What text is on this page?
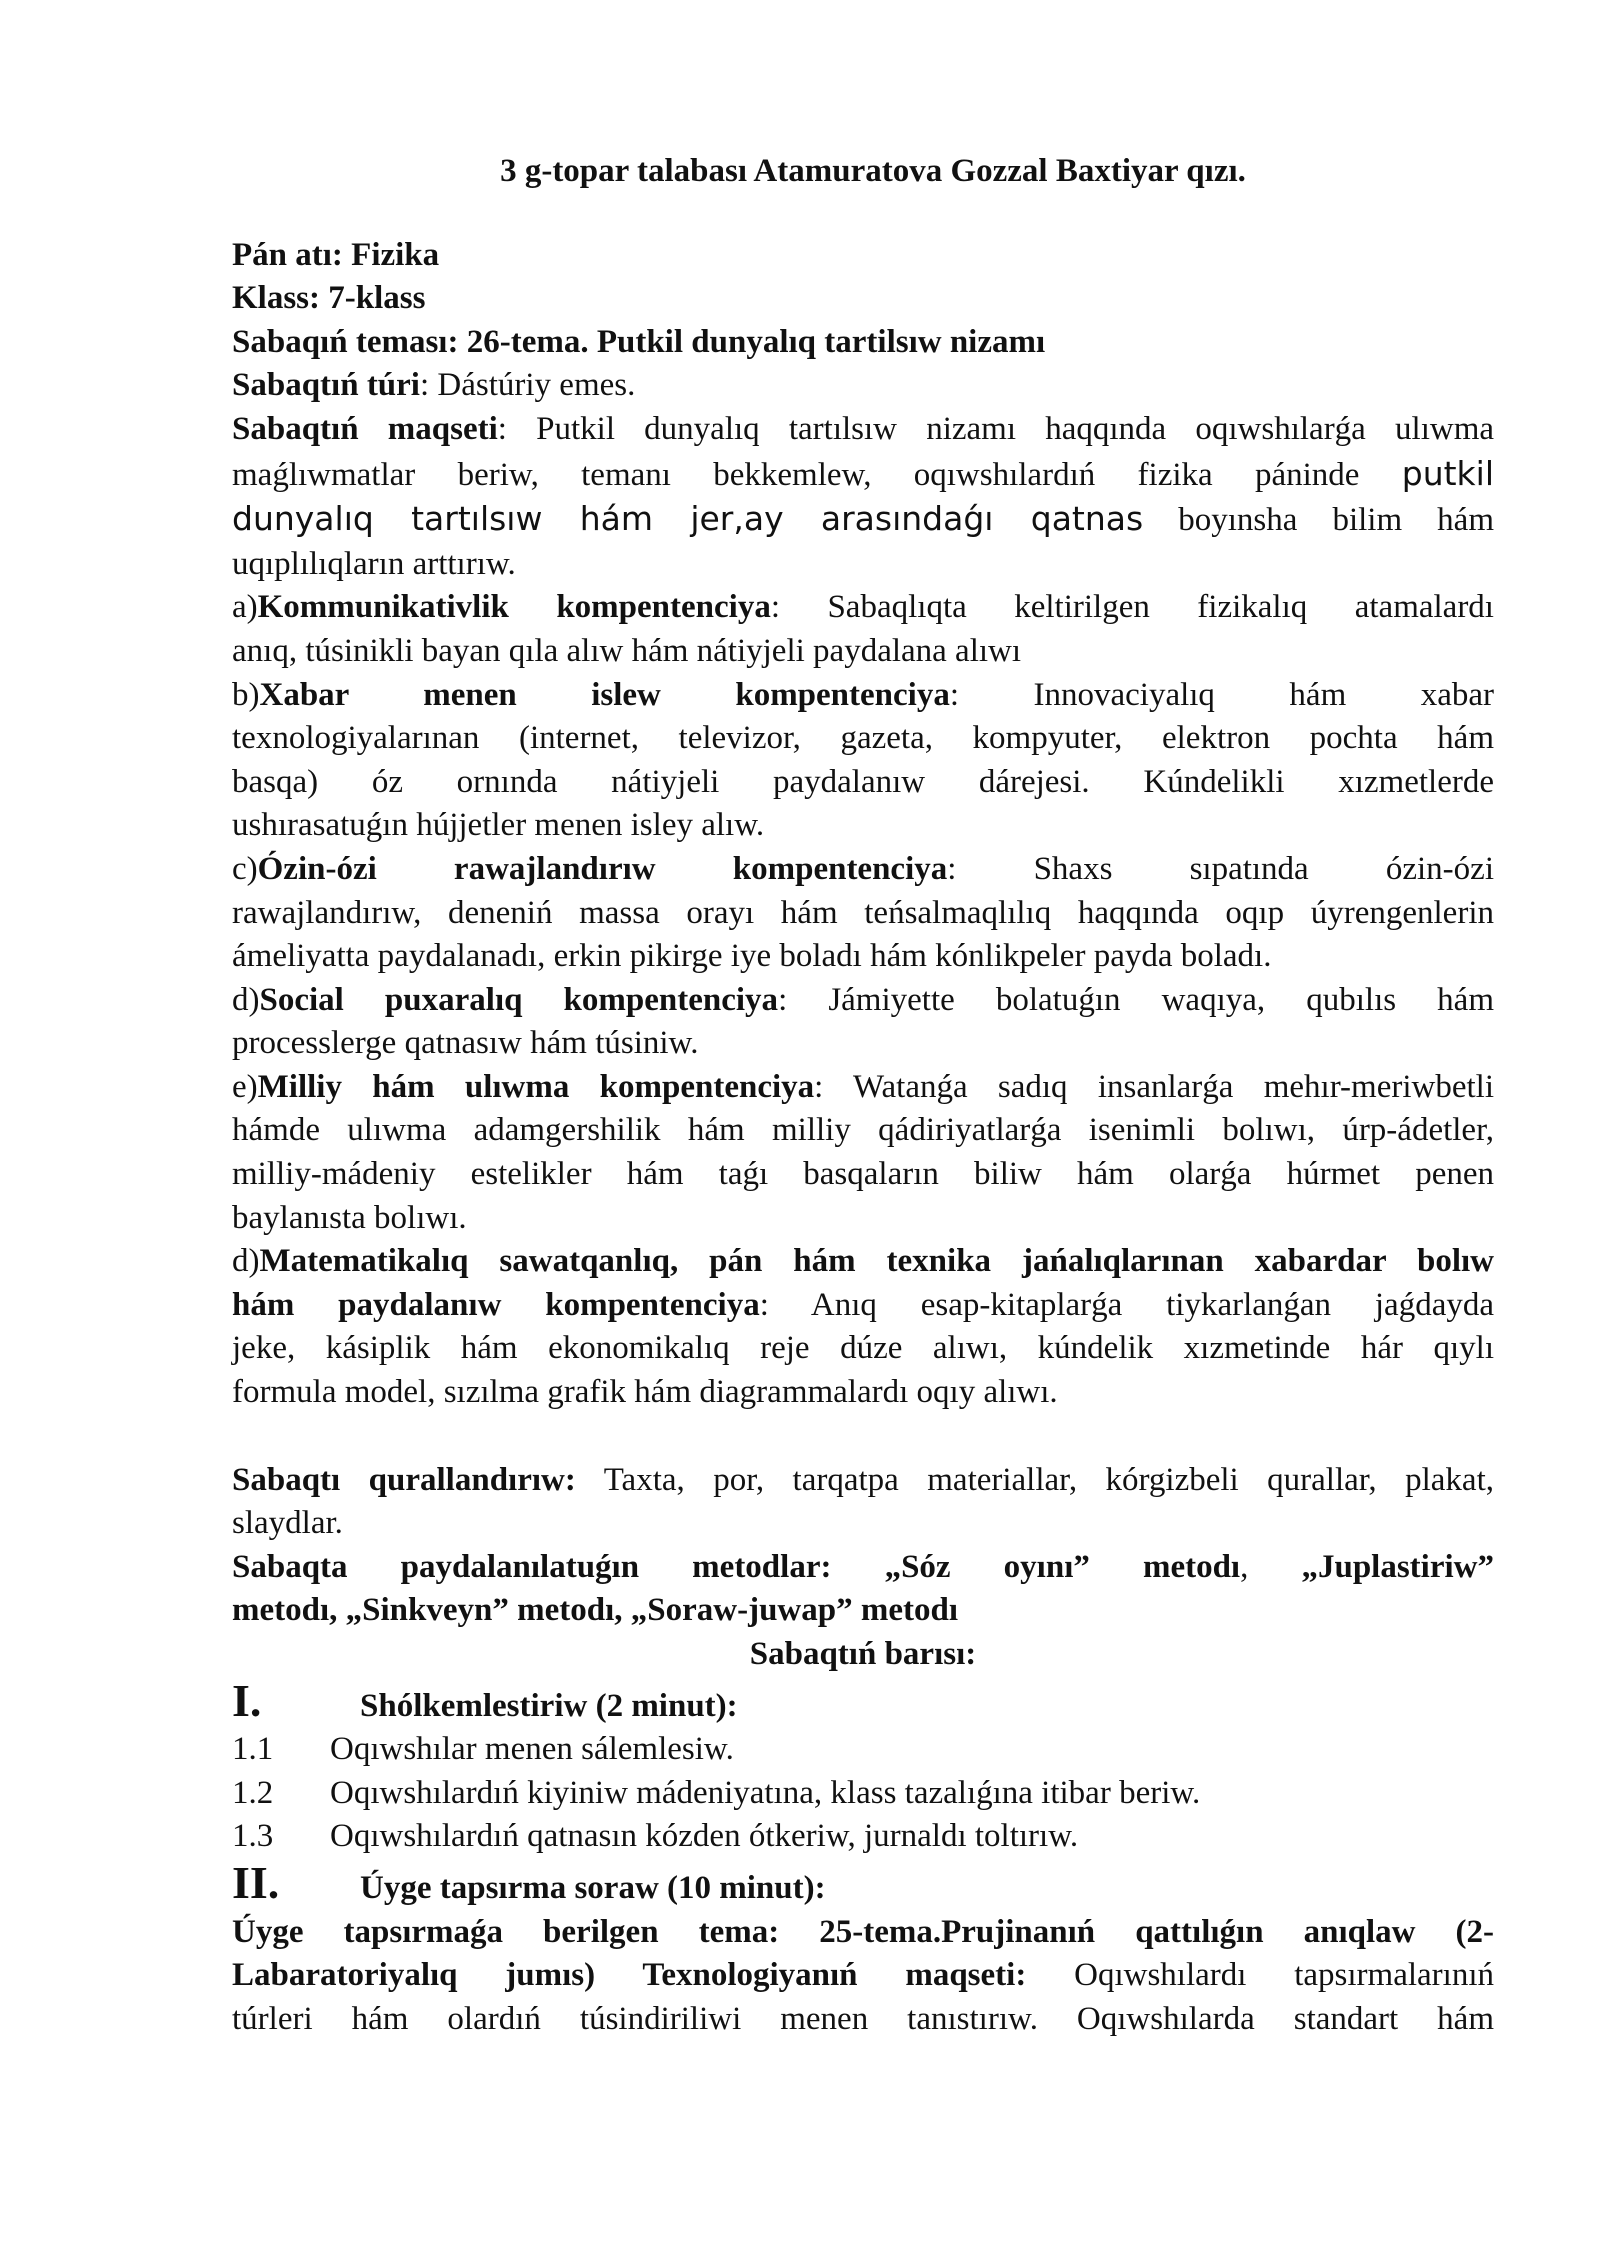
3 g-topar talabası Atamuratova Gozzal Baxtiyar qızı.
Pán atı: Fizika
Klass: 7-klass
Sabaqıń teması: 26-tema. Putkil dunyalıq tartilsıw nizamı
Sabaqtıń túri: Dástúriy emes.
Sabaqtıń maqseti: Putkil dunyalıq tartılsıw nizamı haqqında oqıwshılarǵa ulıwma
maǵlıwmatlar beriw, temanı bekkemlew, oqıwshılardıń fizika páninde putkil
dunyalıq tartılsıw hám jer,ay arasındaǵı qatnas boyınsha bilim hám
uqıplılıqların arttırıw.
a)Kommunikativlik kompentenciya: Sabaqlıqta keltirilgen fizikalıq atamalardı
anıq, túsinikli bayan qıla alıw hám nátiyjeli paydalana alıwı
b)Xabar menen islew kompentenciya: Innovaciyalıq hám xabar
texnologiyalarınan (internet, televizor, gazeta, kompyuter, elektron pochta hám
basqa) óz ornında nátiyjeli paydalanıw dárejesi. Kúndelikli xızmetlerde
ushırasatuǵın hújjetler menen isley alıw.
c)Ózin-ózi rawajlandırıw kompentenciya: Shaxs sıpatında ózin-ózi
rawajlandırıw, deneniń massa orayı hám teńsalmaqlılıq haqqında oqıp úyrengenlerin
ámeliyatta paydalanadı, erkin pikirge iye boladı hám kónlikpeler payda boladı.
d)Social puxaralıq kompentenciya: Jámiyette bolatuǵın waqıya, qubılıs hám
processlerge qatnasıw hám túsiniw.
e)Milliy hám ulıwma kompentenciya: Watanǵa sadıq insanlarǵa mehır-meriwbetli
hámde ulıwma adamgershilik hám milliy qádiriyatlarǵa isenimli bolıwı, úrp-ádetler,
milliy-mádeniy estelikler hám taǵı basqaların biliw hám olarǵa húrmet penen
baylanısta bolıwı.
d)Matematikalıq sawatqanlıq, pán hám texnika jańalıqlarınan xabardar bolıw
hám paydalanıw kompentenciya: Anıq esap-kitaplarǵa tiykarlanǵan jaǵdayda
jeke, kásiplik hám ekonomikalıq reje dúze alıwı, kúndelik xızmetinde hár qıylı
formula model, sızılma grafik hám diagrammalardı oqıy alıwı.
Sabaqtı qurallandırıw: Taxta, por, tarqatpa materiallar, kórgizbeli qurallar, plakat,
slaydlar.
Sabaqta paydalanılatuǵın metodlar: „Sóz oyını” metodı, „Juplastiriw”
metodı, „Sinkveyn” metodı, „Soraw-juwap” metodı
Sabaqtıń barısı:
I.	Shólkemlestiriw (2 minut):
1.1	Oqıwshılar menen sálemlesiw.
1.2	Oqıwshılardıń kiyiniw mádeniyatına, klass tazalıǵına itibar beriw.
1.3	Oqıwshılardıń qatnasın kózden ótkeriw, jurnaldı toltırıw.
II.	Úyge tapsırma soraw (10 minut):
Úyge tapsırmaǵa berilgen tema: 25-tema.Prujinanıń qattılıǵın anıqlaw (2-
Labaratoriyalıq jumıs) Texnologiyanıń maqseti: Oqıwshılardı tapsırmalarınıń
túrleri hám olardıń túsindiriliwi menen tanıstırıw. Oqıwshılarda standart hám
